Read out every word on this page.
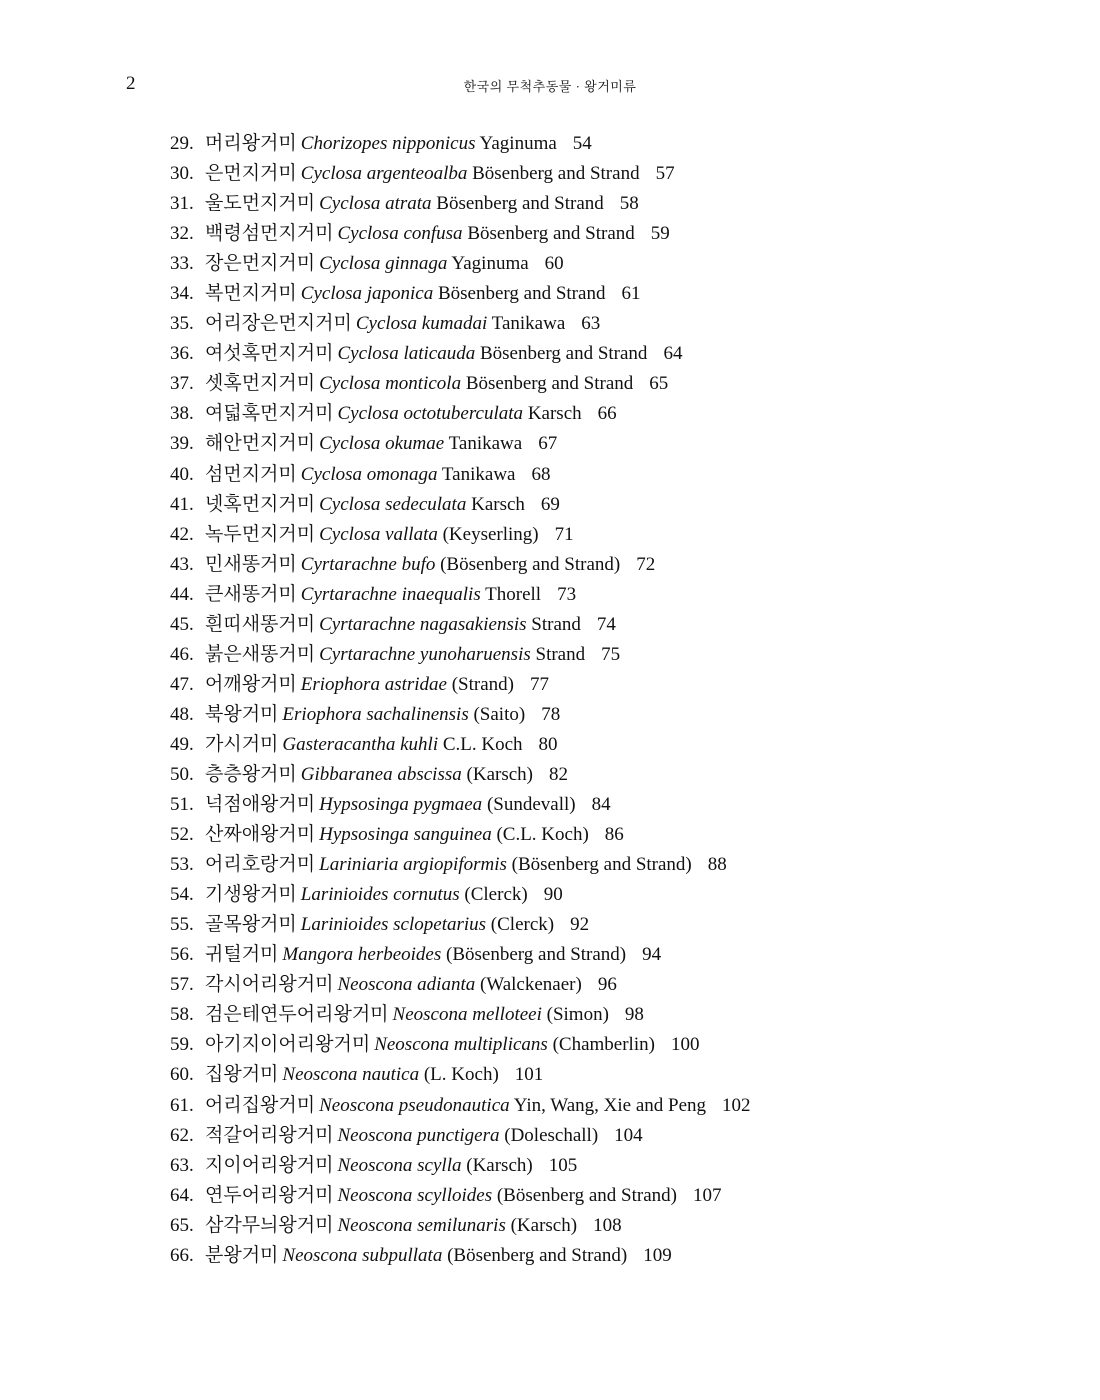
2	한국의 무척추동물 · 왕거미류
29. 머리왕거미 Chorizopes nipponicus Yaginuma 54
30. 은먼지거미 Cyclosa argenteoalba Bösenberg and Strand 57
31. 울도먼지거미 Cyclosa atrata Bösenberg and Strand 58
32. 백령섬먼지거미 Cyclosa confusa Bösenberg and Strand 59
33. 장은먼지거미 Cyclosa ginnaga Yaginuma 60
34. 복먼지거미 Cyclosa japonica Bösenberg and Strand 61
35. 어리장은먼지거미 Cyclosa kumadai Tanikawa 63
36. 여섯혹먼지거미 Cyclosa laticauda Bösenberg and Strand 64
37. 셋혹먼지거미 Cyclosa monticola Bösenberg and Strand 65
38. 여덟혹먼지거미 Cyclosa octotuberculata Karsch 66
39. 해안먼지거미 Cyclosa okumae Tanikawa 67
40. 섬먼지거미 Cyclosa omonaga Tanikawa 68
41. 넷혹먼지거미 Cyclosa sedeculata Karsch 69
42. 녹두먼지거미 Cyclosa vallata (Keyserling) 71
43. 민새똥거미 Cyrtarachne bufo (Bösenberg and Strand) 72
44. 큰새똥거미 Cyrtarachne inaequalis Thorell 73
45. 흰띠새똥거미 Cyrtarachne nagasakiensis Strand 74
46. 붉은새똥거미 Cyrtarachne yunoharuensis Strand 75
47. 어깨왕거미 Eriophora astridae (Strand) 77
48. 북왕거미 Eriophora sachalinensis (Saito) 78
49. 가시거미 Gasteracantha kuhli C.L. Koch 80
50. 층층왕거미 Gibbaranea abscissa (Karsch) 82
51. 넉점애왕거미 Hypsosinga pygmaea (Sundevall) 84
52. 산짜애왕거미 Hypsosinga sanguinea (C.L. Koch) 86
53. 어리호랑거미 Lariniaria argiopiformis (Bösenberg and Strand) 88
54. 기생왕거미 Larinioides cornutus (Clerck) 90
55. 골목왕거미 Larinioides sclopetarius (Clerck) 92
56. 귀털거미 Mangora herbeoides (Bösenberg and Strand) 94
57. 각시어리왕거미 Neoscona adianta (Walckenaer) 96
58. 검은테연두어리왕거미 Neoscona melloteei (Simon) 98
59. 아기지이어리왕거미 Neoscona multiplicans (Chamberlin) 100
60. 집왕거미 Neoscona nautica (L. Koch) 101
61. 어리집왕거미 Neoscona pseudonautica Yin, Wang, Xie and Peng 102
62. 적갈어리왕거미 Neoscona punctigera (Doleschall) 104
63. 지이어리왕거미 Neoscona scylla (Karsch) 105
64. 연두어리왕거미 Neoscona scylloides (Bösenberg and Strand) 107
65. 삼각무늬왕거미 Neoscona semilunaris (Karsch) 108
66. 분왕거미 Neoscona subpullata (Bösenberg and Strand) 109
